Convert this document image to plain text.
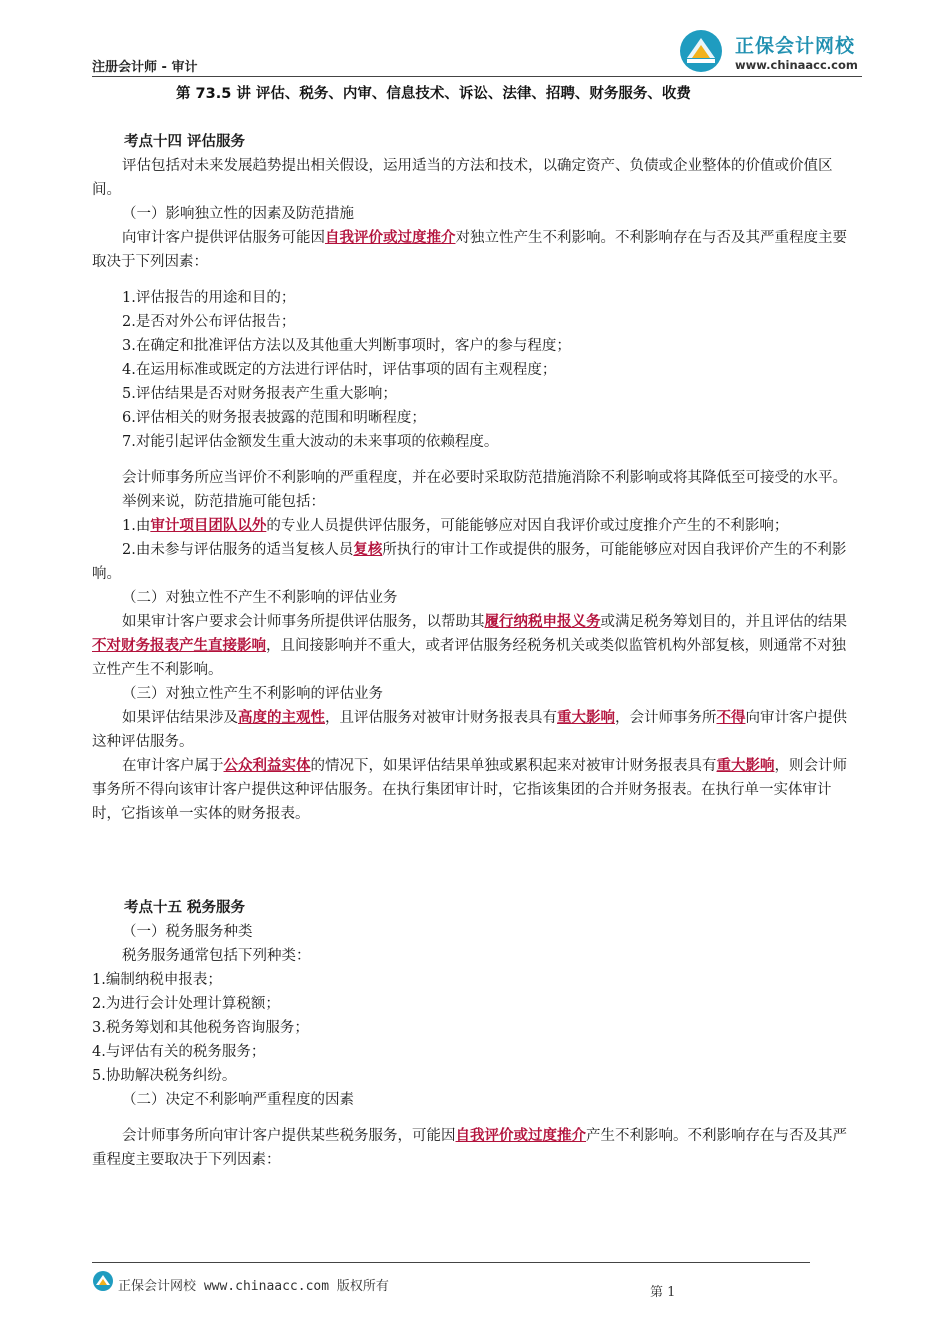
注册会计师 - 审计
正保会计网校
www.chinaacc.com
第 73.5 讲 评估、税务、内审、信息技术、诉讼、法律、招聘、财务服务、收费

考点十四 评估服务

评估包括对未来发展趋势提出相关假设，运用适当的方法和技术，以确定资产、负债或企业整体的价值或价值区间。

（一）影响独立性的因素及防范措施

向审计客户提供评估服务可能因自我评价或过度推介对独立性产生不利影响。不利影响存在与否及其严重程度主要取决于下列因素：

1.评估报告的用途和目的；

2.是否对外公布评估报告；

3.在确定和批准评估方法以及其他重大判断事项时，客户的参与程度；

4.在运用标准或既定的方法进行评估时，评估事项的固有主观程度；

5.评估结果是否对财务报表产生重大影响；

6.评估相关的财务报表披露的范围和明晰程度；

7.对能引起评估金额发生重大波动的未来事项的依赖程度。

会计师事务所应当评价不利影响的严重程度，并在必要时采取防范措施消除不利影响或将其降低至可接受的水平。

举例来说，防范措施可能包括：

1.由审计项目团队以外的专业人员提供评估服务，可能能够应对因自我评价或过度推介产生的不利影响；

2.由未参与评估服务的适当复核人员复核所执行的审计工作或提供的服务，可能能够应对因自我评价产生的不利影响。

（二）对独立性不产生不利影响的评估业务

如果审计客户要求会计师事务所提供评估服务，以帮助其履行纳税申报义务或满足税务筹划目的，并且评估的结果不对财务报表产生直接影响，且间接影响并不重大，或者评估服务经税务机关或类似监管机构外部复核，则通常不对独立性产生不利影响。

（三）对独立性产生不利影响的评估业务

如果评估结果涉及高度的主观性，且评估服务对被审计财务报表具有重大影响，会计师事务所不得向审计客户提供这种评估服务。

在审计客户属于公众利益实体的情况下，如果评估结果单独或累积起来对被审计财务报表具有重大影响，则会计师事务所不得向该审计客户提供这种评估服务。在执行集团审计时，它指该集团的合并财务报表。在执行单一实体审计时，它指该单一实体的财务报表。

考点十五 税务服务

（一）税务服务种类

税务服务通常包括下列种类：

1.编制纳税申报表；

2.为进行会计处理计算税额；

3.税务筹划和其他税务咨询服务；

4.与评估有关的税务服务；

5.协助解决税务纠纷。

（二）决定不利影响严重程度的因素

会计师事务所向审计客户提供某些税务服务，可能因自我评价或过度推介产生不利影响。不利影响存在与否及其严重程度主要取决于下列因素：

正保会计网校 www.chinaacc.com 版权所有	第 1
